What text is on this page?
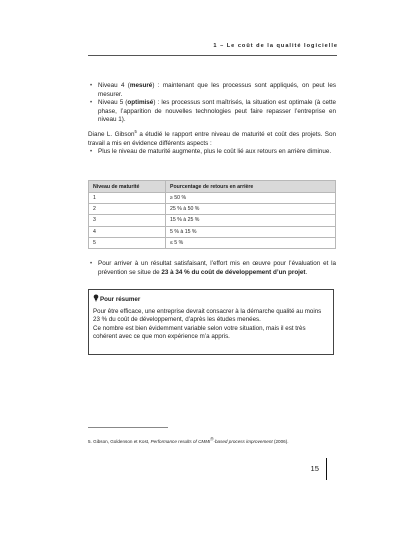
1 – Le coût de la qualité logicielle
• Niveau 4 (mesuré) : maintenant que les processus sont appliqués, on peut les mesurer.
• Niveau 5 (optimisé) : les processus sont maîtrisés, la situation est optimale (à cette phase, l’apparition de nouvelles technologies peut faire repasser l’entreprise en niveau 1).
Diane L. Gibson$^5$ a étudié le rapport entre niveau de maturité et coût des projets. Son travail a mis en évidence différents aspects :
• Plus le niveau de maturité augmente, plus le coût lié aux retours en arrière diminue.
Niveau de maturité	Pourcentage de retours en arrière
1	≥ 50 %
2	25 % à 50 %
3	15 % à 25 %
4	5 % à 15 %
5	≤ 5 %
• Pour arriver à un résultat satisfaisant, l’effort mis en œuvre pour l’évaluation et la prévention se situe de 23 à 34 % du coût de développement d’un projet.
Pour résumer

Pour être efficace, une entreprise devrait consacrer à la démarche qualité au moins 23 % du coût de développement, d’après les études menées.

Ce nombre est bien évidemment variable selon votre situation, mais il est très cohérent avec ce que mon expérience m’a appris.

5. Gibson, Goldenson et Kost, Performance results of CMMI®-based process improvement (2006).
15
